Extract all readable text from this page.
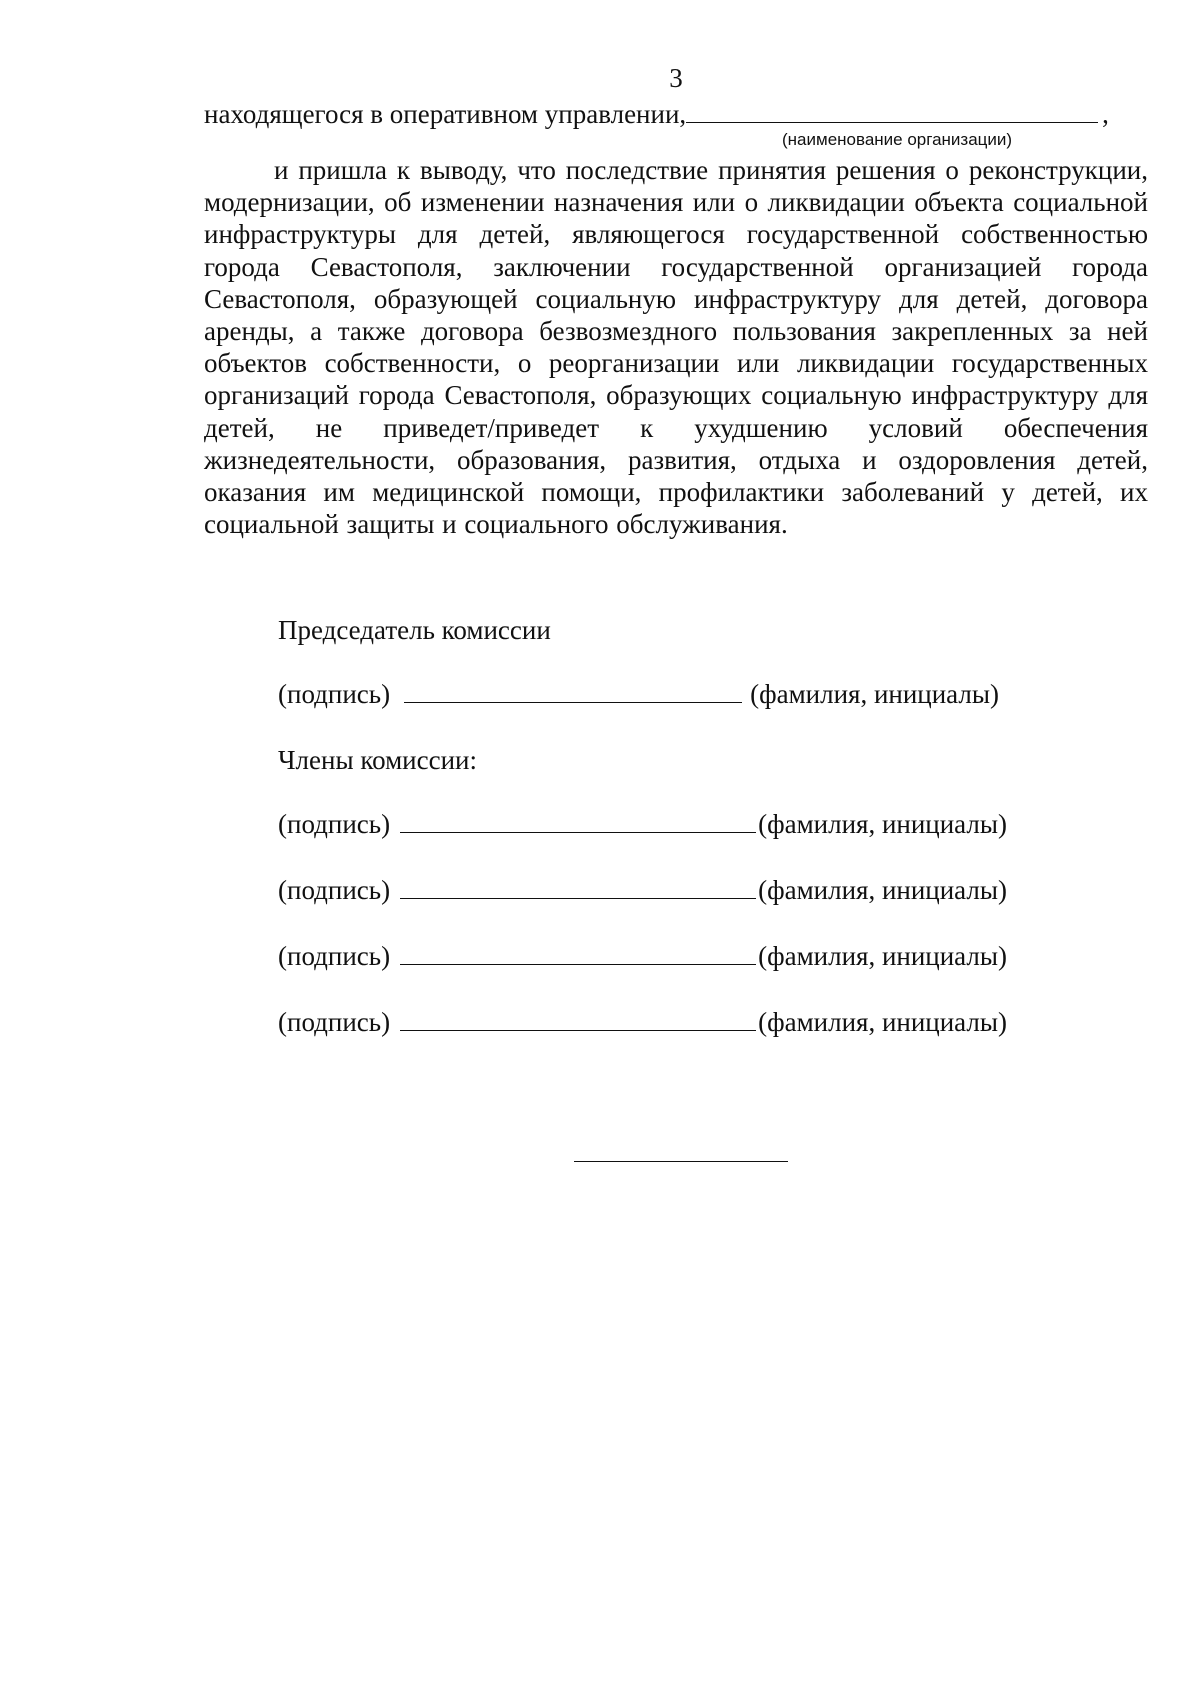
3
находящегося в оперативном управлении,	,
(наименование организации)

и пришла к выводу, что последствие принятия решения о реконструкции, модернизации, об изменении назначения или о ликвидации объекта социальной инфраструктуры для детей, являющегося государственной собственностью города Севастополя, заключении государственной организацией города Севастополя, образующей социальную инфраструктуру для детей, договора аренды, а также договора безвозмездного пользования закрепленных за ней объектов собственности, о реорганизации или ликвидации государственных организаций города Севастополя, образующих социальную инфраструктуру для детей, не приведет/приведет к ухудшению условий обеспечения жизнедеятельности, образования, развития, отдыха и оздоровления детей, оказания им медицинской помощи, профилактики заболеваний у детей, их социальной защиты и социального обслуживания.

Председатель комиссии
(подпись)	(фамилия, инициалы)
Члены комиссии:
(подпись)	(фамилия, инициалы)
(подпись)	(фамилия, инициалы)
(подпись)	(фамилия, инициалы)
(подпись)	(фамилия, инициалы)
